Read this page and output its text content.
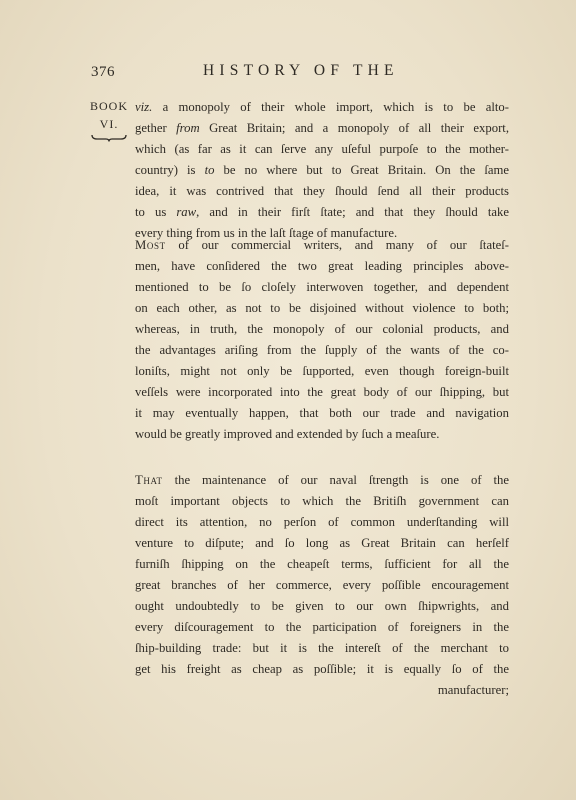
376	HISTORY OF THE
BOOK
VI.
viz. a monopoly of their whole import, which is to be alto-
gether from Great Britain; and a monopoly of all their export,
which (as far as it can ſerve any uſeful purpoſe to the mother-
country) is to be no where but to Great Britain. On the ſame
idea, it was contrived that they ſhould ſend all their products
to us raw, and in their firſt ſtate; and that they ſhould take
every thing from us in the laſt ſtage of manufacture.
Most of our commercial writers, and many of our ſtateſ-
men, have conſidered the two great leading principles above-
mentioned to be ſo cloſely interwoven together, and dependent
on each other, as not to be disjoined without violence to both;
whereas, in truth, the monopoly of our colonial products, and
the advantages ariſing from the ſupply of the wants of the co-
loniſts, might not only be ſupported, even though foreign-built
veſſels were incorporated into the great body of our ſhipping, but
it may eventually happen, that both our trade and navigation
would be greatly improved and extended by ſuch a meaſure.
That the maintenance of our naval ſtrength is one of the
moſt important objects to which the Britiſh government can
direct its attention, no perſon of common underſtanding will
venture to diſpute; and ſo long as Great Britain can herſelf
furniſh ſhipping on the cheapeſt terms, ſufficient for all the
great branches of her commerce, every poſſible encouragement
ought undoubtedly to be given to our own ſhipwrights, and
every diſcouragement to the participation of foreigners in the
ſhip-building trade: but it is the intereſt of the merchant to
get his freight as cheap as poſſible; it is equally ſo of the
manufacturer;
